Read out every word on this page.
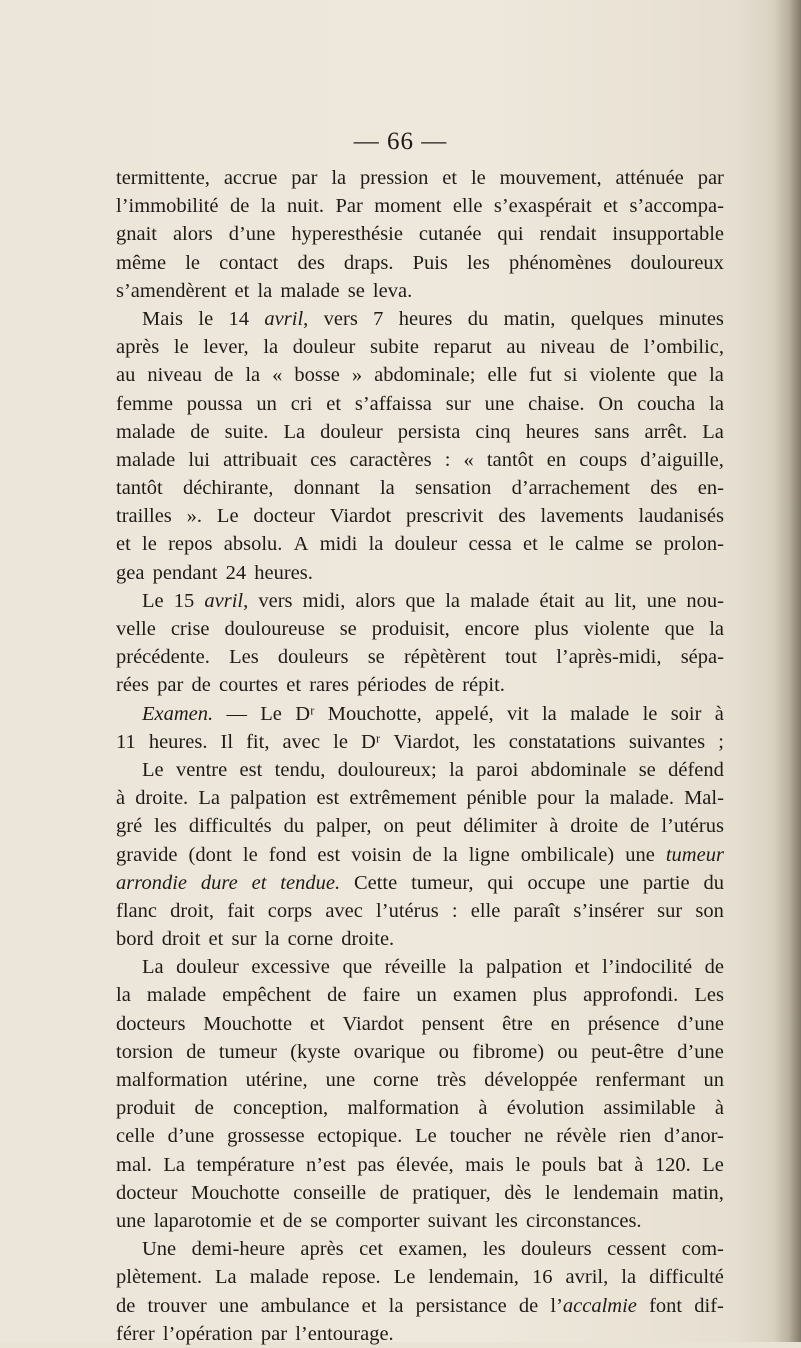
— 66 —
termittente, accrue par la pression et le mouvement, atténuée par
l’immobilité de la nuit. Par moment elle s’exaspérait et s’accompa-
gnait alors d’une hyperesthésie cutanée qui rendait insupportable
même le contact des draps. Puis les phénomènes douloureux
s’amendèrent et la malade se leva.
Mais le 14 avril, vers 7 heures du matin, quelques minutes
après le lever, la douleur subite reparut au niveau de l’ombilic,
au niveau de la « bosse » abdominale; elle fut si violente que la
femme poussa un cri et s’affaissa sur une chaise. On coucha la
malade de suite. La douleur persista cinq heures sans arrêt. La
malade lui attribuait ces caractères : « tantôt en coups d’aiguille,
tantôt déchirante, donnant la sensation d’arrachement des en-
trailles ». Le docteur Viardot prescrivit des lavements laudanisés
et le repos absolu. A midi la douleur cessa et le calme se prolon-
gea pendant 24 heures.
Le 15 avril, vers midi, alors que la malade était au lit, une nou-
velle crise douloureuse se produisit, encore plus violente que la
précédente. Les douleurs se répètèrent tout l’après-midi, sépa-
rées par de courtes et rares périodes de répit.
Examen. — Le Dʳ Mouchotte, appelé, vit la malade le soir à
11 heures. Il fit, avec le Dʳ Viardot, les constatations suivantes ;
Le ventre est tendu, douloureux; la paroi abdominale se défend
à droite. La palpation est extrêmement pénible pour la malade. Mal-
gré les difficultés du palper, on peut délimiter à droite de l’utérus
gravide (dont le fond est voisin de la ligne ombilicale) une tumeur
arrondie dure et tendue. Cette tumeur, qui occupe une partie du
flanc droit, fait corps avec l’utérus : elle paraît s’insérer sur son
bord droit et sur la corne droite.
La douleur excessive que réveille la palpation et l’indocilité de
la malade empêchent de faire un examen plus approfondi. Les
docteurs Mouchotte et Viardot pensent être en présence d’une
torsion de tumeur (kyste ovarique ou fibrome) ou peut-être d’une
malformation utérine, une corne très développée renfermant un
produit de conception, malformation à évolution assimilable à
celle d’une grossesse ectopique. Le toucher ne révèle rien d’anor-
mal. La température n’est pas élevée, mais le pouls bat à 120. Le
docteur Mouchotte conseille de pratiquer, dès le lendemain matin,
une laparotomie et de se comporter suivant les circonstances.
Une demi-heure après cet examen, les douleurs cessent com-
plètement. La malade repose. Le lendemain, 16 avril, la difficulté
de trouver une ambulance et la persistance de l’accalmie font dif-
férer l’opération par l’entourage.
